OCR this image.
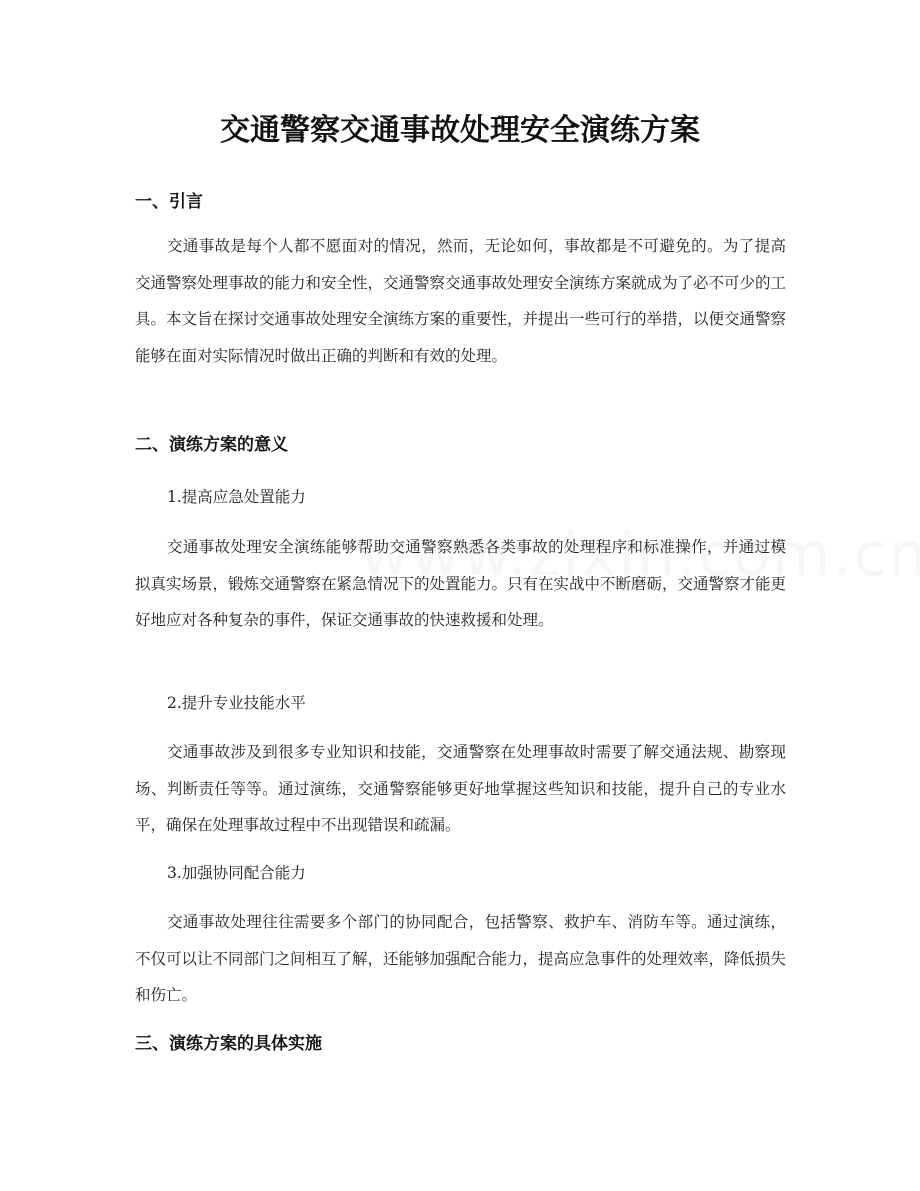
交通警察交通事故处理安全演练方案
一、引言

交通事故是每个人都不愿面对的情况，然而，无论如何，事故都是不可避免的。为了提高交通警察处理事故的能力和安全性，交通警察交通事故处理安全演练方案就成为了必不可少的工具。本文旨在探讨交通事故处理安全演练方案的重要性，并提出一些可行的举措，以便交通警察能够在面对实际情况时做出正确的判断和有效的处理。

二、演练方案的意义

1.提高应急处置能力

交通事故处理安全演练能够帮助交通警察熟悉各类事故的处理程序和标准操作，并通过模拟真实场景，锻炼交通警察在紧急情况下的处置能力。只有在实战中不断磨砺，交通警察才能更好地应对各种复杂的事件，保证交通事故的快速救援和处理。

2.提升专业技能水平

交通事故涉及到很多专业知识和技能，交通警察在处理事故时需要了解交通法规、勘察现场、判断责任等等。通过演练，交通警察能够更好地掌握这些知识和技能，提升自己的专业水平，确保在处理事故过程中不出现错误和疏漏。

3.加强协同配合能力

交通事故处理往往需要多个部门的协同配合，包括警察、救护车、消防车等。通过演练，不仅可以让不同部门之间相互了解，还能够加强配合能力，提高应急事件的处理效率，降低损失和伤亡。

三、演练方案的具体实施
